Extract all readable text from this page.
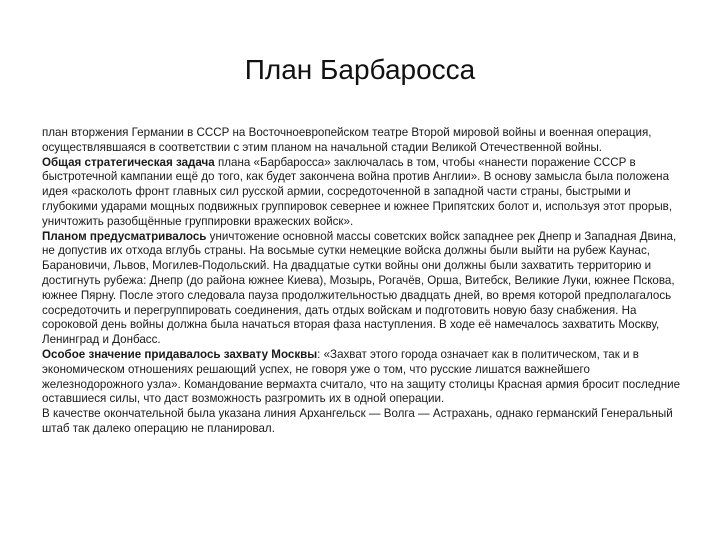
План Барбаросса

план вторжения Германии в СССР на Восточноевропейском театре Второй мировой войны и военная операция, осуществлявшаяся в соответствии с этим планом на начальной стадии Великой Отечественной войны.

Общая стратегическая задача плана «Барбаросса» заключалась в том, чтобы «нанести поражение СССР в быстротечной кампании ещё до того, как будет закончена война против Англии». В основу замысла была положена идея «расколоть фронт главных сил русской армии, сосредоточенной в западной части страны, быстрыми и глубокими ударами мощных подвижных группировок севернее и южнее Припятских болот и, используя этот прорыв, уничтожить разобщённые группировки вражеских войск».

Планом предусматривалось уничтожение основной массы советских войск западнее рек Днепр и Западная Двина, не допустив их отхода вглубь страны. На восьмые сутки немецкие войска должны были выйти на рубеж Каунас, Барановичи, Львов, Могилев-Подольский. На двадцатые сутки войны они должны были захватить территорию и достигнуть рубежа: Днепр (до района южнее Киева), Мозырь, Рогачёв, Орша, Витебск, Великие Луки, южнее Пскова, южнее Пярну. После этого следовала пауза продолжительностью двадцать дней, во время которой предполагалось сосредоточить и перегруппировать соединения, дать отдых войскам и подготовить новую базу снабжения. На сороковой день войны должна была начаться вторая фаза наступления. В ходе её намечалось захватить Москву, Ленинград и Донбасс.

Особое значение придавалось захвату Москвы: «Захват этого города означает как в политическом, так и в экономическом отношениях решающий успех, не говоря уже о том, что русские лишатся важнейшего железнодорожного узла». Командование вермахта считало, что на защиту столицы Красная армия бросит последние оставшиеся силы, что даст возможность разгромить их в одной операции.

В качестве окончательной была указана линия Архангельск — Волга — Астрахань, однако германский Генеральный штаб так далеко операцию не планировал.
